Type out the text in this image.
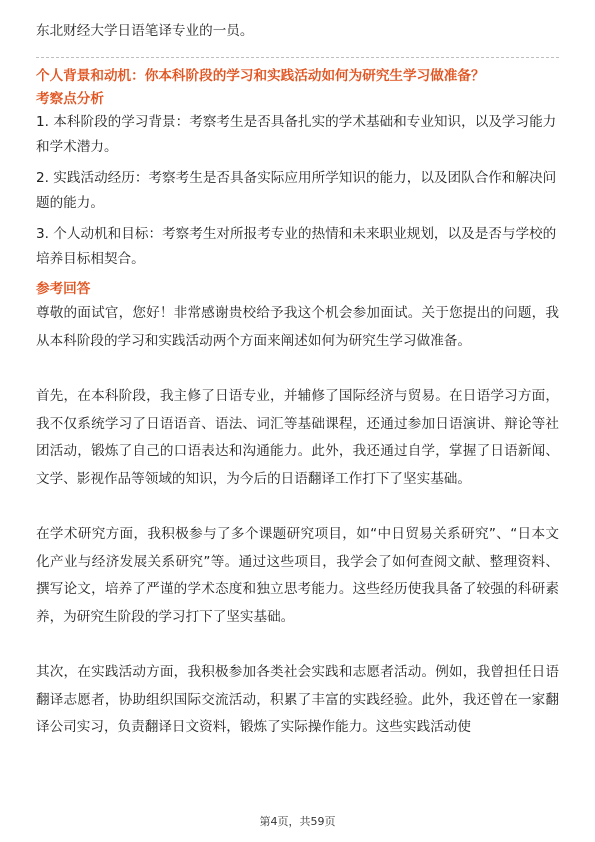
东北财经大学日语笔译专业的一员。

个人背景和动机：你本科阶段的学习和实践活动如何为研究生学习做准备？

考察点分析

1. 本科阶段的学习背景：考察考生是否具备扎实的学术基础和专业知识，以及学习能力和学术潜力。
2. 实践活动经历：考察考生是否具备实际应用所学知识的能力，以及团队合作和解决问题的能力。
3. 个人动机和目标：考察考生对所报考专业的热情和未来职业规划，以及是否与学校的培养目标相契合。

参考回答

尊敬的面试官，您好！非常感谢贵校给予我这个机会参加面试。关于您提出的问题，我从本科阶段的学习和实践活动两个方面来阐述如何为研究生学习做准备。

首先，在本科阶段，我主修了日语专业，并辅修了国际经济与贸易。在日语学习方面，我不仅系统学习了日语语音、语法、词汇等基础课程，还通过参加日语演讲、辩论等社团活动，锻炼了自己的口语表达和沟通能力。此外，我还通过自学，掌握了日语新闻、文学、影视作品等领域的知识，为今后的日语翻译工作打下了坚实基础。

在学术研究方面，我积极参与了多个课题研究项目，如“中日贸易关系研究”、“日本文化产业与经济发展关系研究”等。通过这些项目，我学会了如何查阅文献、整理资料、撰写论文，培养了严谨的学术态度和独立思考能力。这些经历使我具备了较强的科研素养，为研究生阶段的学习打下了坚实基础。

其次，在实践活动方面，我积极参加各类社会实践和志愿者活动。例如，我曾担任日语翻译志愿者，协助组织国际交流活动，积累了丰富的实践经验。此外，我还曾在一家翻译公司实习，负责翻译日文资料，锻炼了实际操作能力。这些实践活动使

第4页，共59页
